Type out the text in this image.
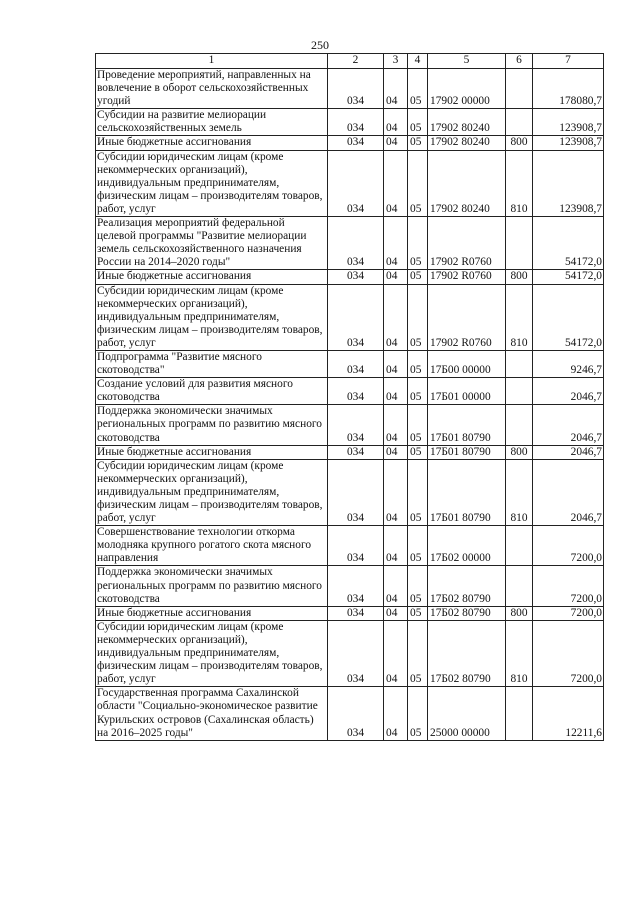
250
1	2	3	4	5	6	7
Проведение мероприятий, направленных на вовлечение в оборот сельскохозяйственных угодий	034	04	05	17902 00000		178080,7
Субсидии на развитие мелиорации сельскохозяйственных земель	034	04	05	17902 80240		123908,7
Иные бюджетные ассигнования	034	04	05	17902 80240	800	123908,7
Субсидии юридическим лицам (кроме некоммерческих организаций), индивидуальным предпринимателям, физическим лицам – производителям товаров, работ, услуг	034	04	05	17902 80240	810	123908,7
Реализация мероприятий федеральной целевой программы "Развитие мелиорации земель сельскохозяйственного назначения России на 2014–2020 годы"	034	04	05	17902 R0760		54172,0
Иные бюджетные ассигнования	034	04	05	17902 R0760	800	54172,0
Субсидии юридическим лицам (кроме некоммерческих организаций), индивидуальным предпринимателям, физическим лицам – производителям товаров, работ, услуг	034	04	05	17902 R0760	810	54172,0
Подпрограмма "Развитие мясного скотоводства"	034	04	05	17Б00 00000		9246,7
Создание условий для развития мясного скотоводства	034	04	05	17Б01 00000		2046,7
Поддержка экономически значимых региональных программ по развитию мясного скотоводства	034	04	05	17Б01 80790		2046,7
Иные бюджетные ассигнования	034	04	05	17Б01 80790	800	2046,7
Субсидии юридическим лицам (кроме некоммерческих организаций), индивидуальным предпринимателям, физическим лицам – производителям товаров, работ, услуг	034	04	05	17Б01 80790	810	2046,7
Совершенствование технологии откорма молодняка крупного рогатого скота мясного направления	034	04	05	17Б02 00000		7200,0
Поддержка экономически значимых региональных программ по развитию мясного скотоводства	034	04	05	17Б02 80790		7200,0
Иные бюджетные ассигнования	034	04	05	17Б02 80790	800	7200,0
Субсидии юридическим лицам (кроме некоммерческих организаций), индивидуальным предпринимателям, физическим лицам – производителям товаров, работ, услуг	034	04	05	17Б02 80790	810	7200,0
Государственная программа Сахалинской области "Социально-экономическое развитие Курильских островов (Сахалинская область) на 2016–2025 годы"	034	04	05	25000 00000		12211,6
